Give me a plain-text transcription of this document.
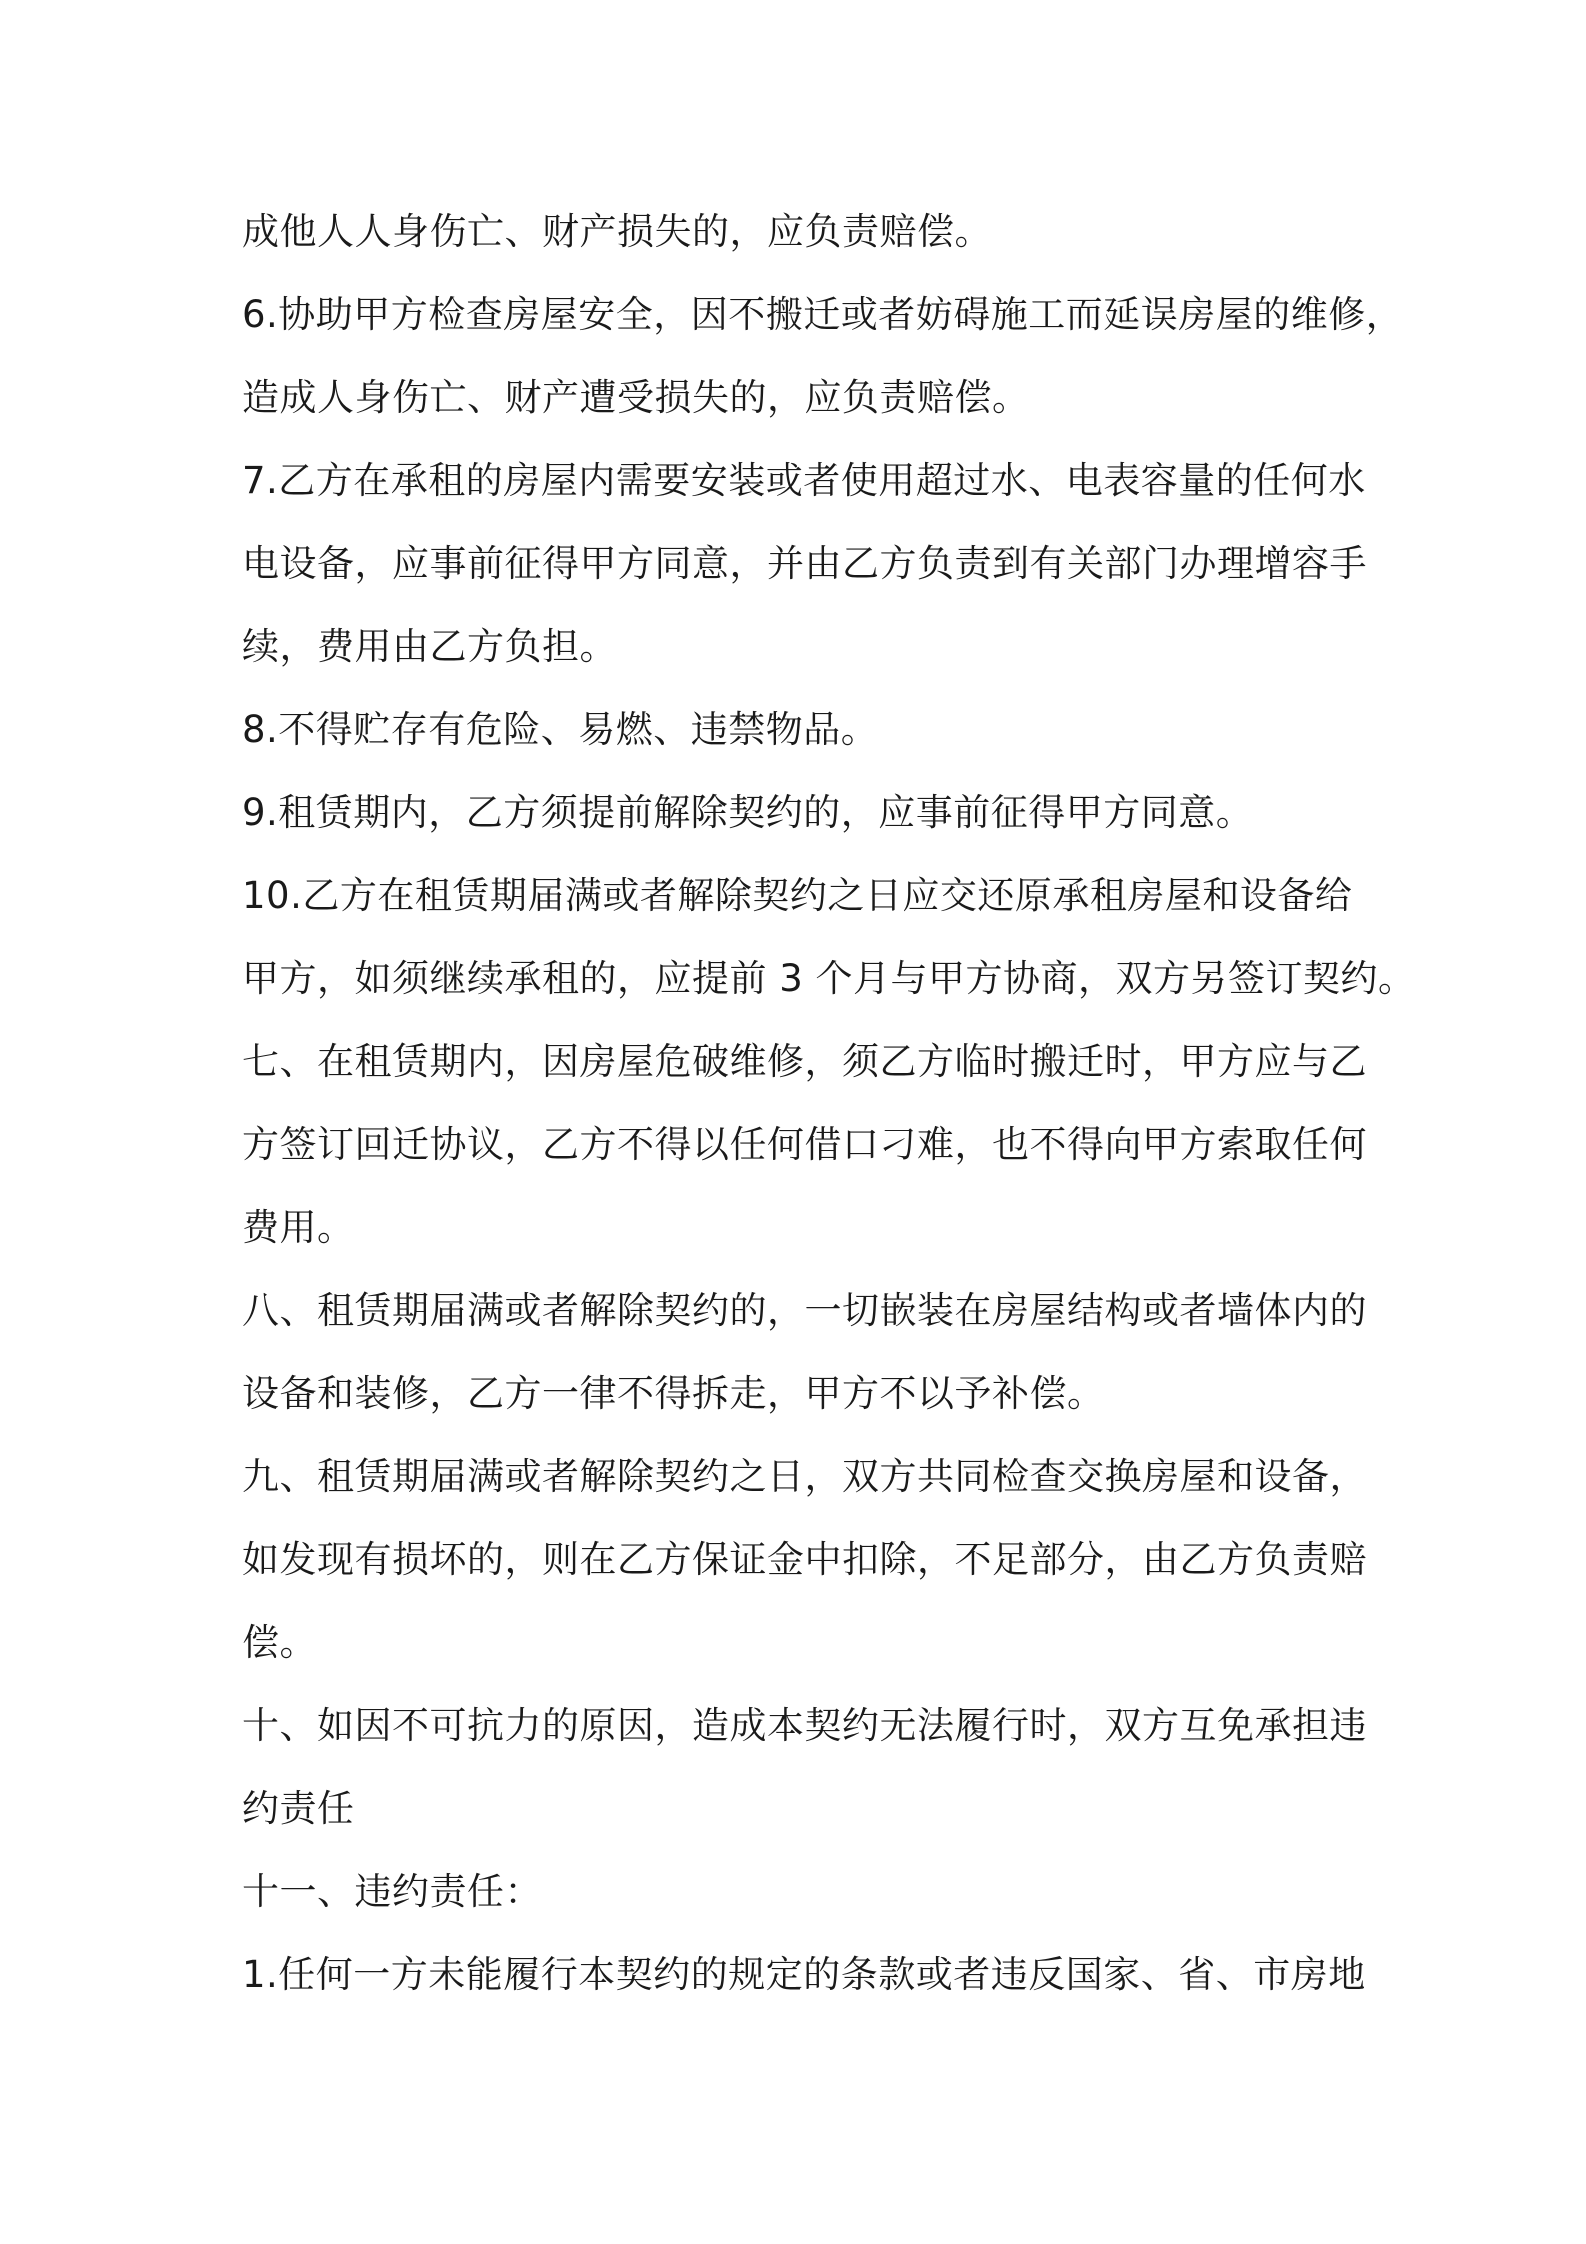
成他人人身伤亡、财产损失的，应负责赔偿。
6.协助甲方检查房屋安全，因不搬迁或者妨碍施工而延误房屋的维修，
造成人身伤亡、财产遭受损失的，应负责赔偿。
7.乙方在承租的房屋内需要安装或者使用超过水、电表容量的任何水
电设备，应事前征得甲方同意，并由乙方负责到有关部门办理增容手
续，费用由乙方负担。
8.不得贮存有危险、易燃、违禁物品。
9.租赁期内，乙方须提前解除契约的，应事前征得甲方同意。
10.乙方在租赁期届满或者解除契约之日应交还原承租房屋和设备给
甲方，如须继续承租的，应提前 3 个月与甲方协商，双方另签订契约。
七、在租赁期内，因房屋危破维修，须乙方临时搬迁时，甲方应与乙
方签订回迁协议，乙方不得以任何借口刁难，也不得向甲方索取任何
费用。
八、租赁期届满或者解除契约的，一切嵌装在房屋结构或者墙体内的
设备和装修，乙方一律不得拆走，甲方不以予补偿。
九、租赁期届满或者解除契约之日，双方共同检查交换房屋和设备，
如发现有损坏的，则在乙方保证金中扣除，不足部分，由乙方负责赔
偿。
十、如因不可抗力的原因，造成本契约无法履行时，双方互免承担违
约责任
十一、违约责任：
1.任何一方未能履行本契约的规定的条款或者违反国家、省、市房地
